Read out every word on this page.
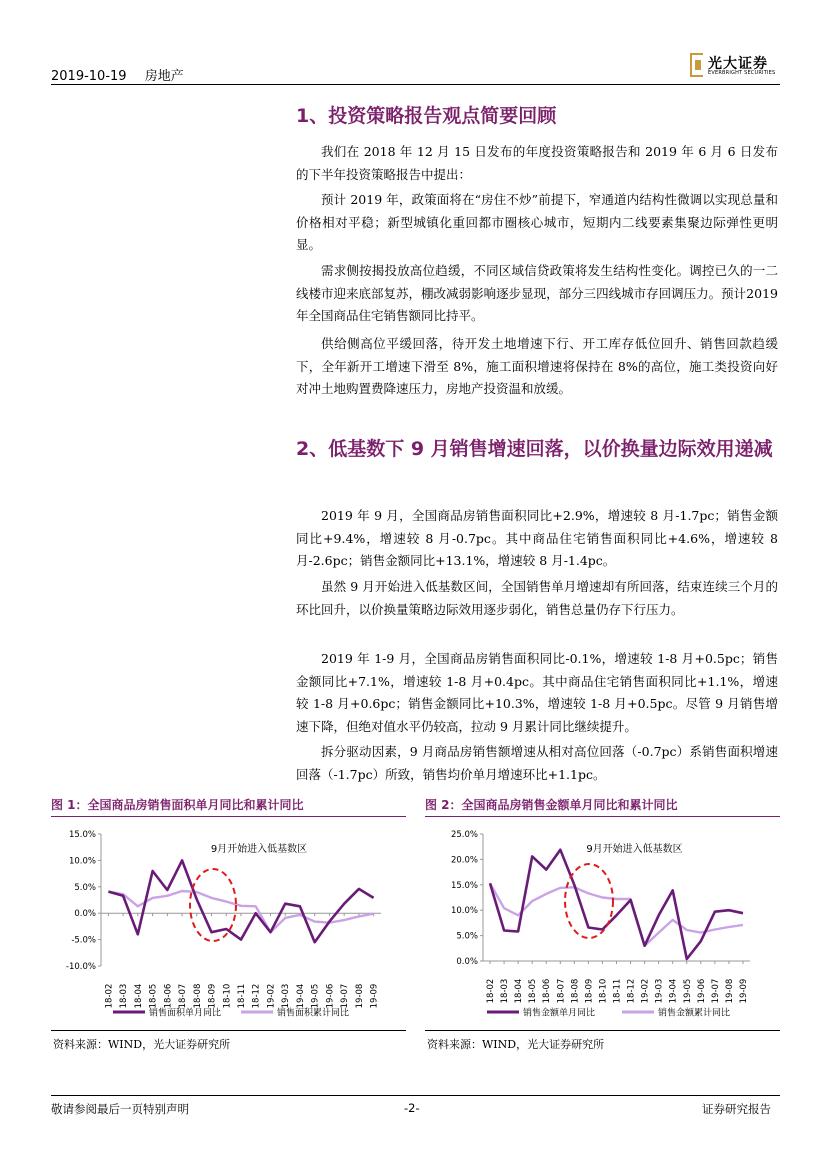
2019-10-19 房地产
光大证券
EVERBRIGHT SECURITIES
1、投资策略报告观点简要回顾

我们在 2018 年 12 月 15 日发布的年度投资策略报告和 2019 年 6 月 6 日发布的下半年投资策略报告中提出：

预计 2019 年，政策面将在“房住不炒”前提下，窄通道内结构性微调以实现总量和价格相对平稳；新型城镇化重回都市圈核心城市，短期内二线要素集聚边际弹性更明显。

需求侧按揭投放高位趋缓，不同区域信贷政策将发生结构性变化。调控已久的一二线楼市迎来底部复苏，棚改减弱影响逐步显现，部分三四线城市存回调压力。预计2019年全国商品住宅销售额同比持平。

供给侧高位平缓回落，待开发土地增速下行、开工库存低位回升、销售回款趋缓下，全年新开工增速下滑至 8%，施工面积增速将保持在 8%的高位，施工类投资向好对冲土地购置费降速压力，房地产投资温和放缓。

2、低基数下 9 月销售增速回落，以价换量边际效用递减

2019 年 9 月，全国商品房销售面积同比+2.9%，增速较 8 月-1.7pc；销售金额同比+9.4%，增速较 8 月-0.7pc。其中商品住宅销售面积同比+4.6%，增速较 8 月-2.6pc；销售金额同比+13.1%，增速较 8 月-1.4pc。

虽然 9 月开始进入低基数区间，全国销售单月增速却有所回落，结束连续三个月的环比回升，以价换量策略边际效用逐步弱化，销售总量仍存下行压力。

2019 年 1-9 月，全国商品房销售面积同比-0.1%，增速较 1-8 月+0.5pc；销售金额同比+7.1%，增速较 1-8 月+0.4pc。其中商品住宅销售面积同比+1.1%，增速较 1-8 月+0.6pc；销售金额同比+10.3%，增速较 1-8 月+0.5pc。尽管 9 月销售增速下降，但绝对值水平仍较高，拉动 9 月累计同比继续提升。

拆分驱动因素，9 月商品房销售额增速从相对高位回落（-0.7pc）系销售面积增速回落（-1.7pc）所致，销售均价单月增速环比+1.1pc。

图 1：全国商品房销售面积单月同比和累计同比	图 2：全国商品房销售金额单月同比和累计同比
15.0%
10.0%
5.0%
0.0%
-5.0%
-10.0%
18-02 18-03 18-04 18-05 18-06 18-07 18-08 18-09 18-10 18-11 18-12 19-02 19-03 19-04 19-05 19-06 19-07 19-08 19-09
9月开始进入低基数区
销售面积单月同比	销售面积累计同比
25.0%
20.0%
15.0%
10.0%
5.0%
0.0%
18-02 18-03 18-04 18-05 18-06 18-07 18-08 18-09 18-10 18-11 18-12 19-02 19-03 19-04 19-05 19-06 19-07 19-08 19-09
9月开始进入低基数区
销售金额单月同比	销售金额累计同比
资料来源：WIND，光大证券研究所	资料来源：WIND，光大证券研究所
敬请参阅最后一页特别声明	-2-	证券研究报告
